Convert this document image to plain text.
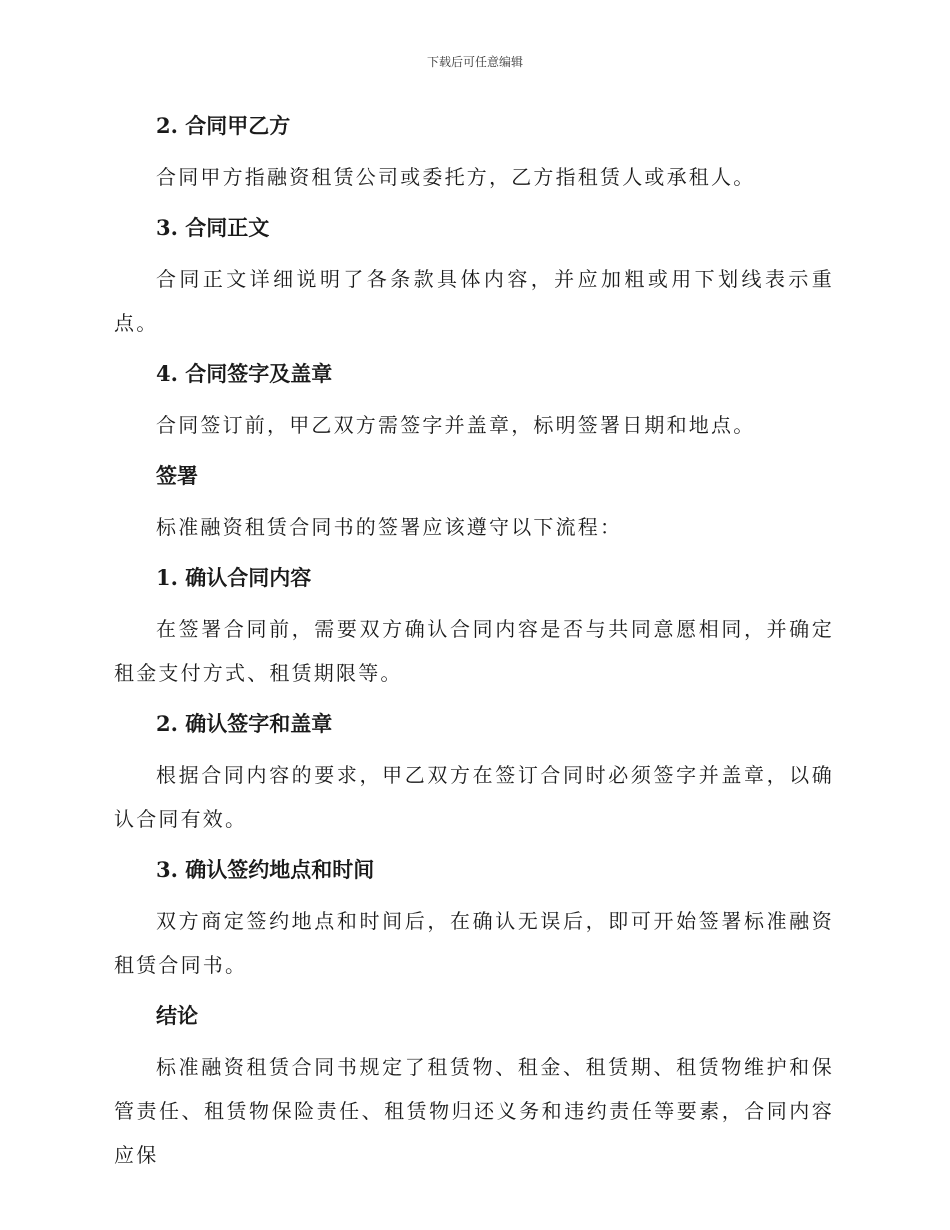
下载后可任意编辑
2. 合同甲乙方

合同甲方指融资租赁公司或委托方，乙方指租赁人或承租人。

3. 合同正文

合同正文详细说明了各条款具体内容，并应加粗或用下划线表示重点。

4. 合同签字及盖章

合同签订前，甲乙双方需签字并盖章，标明签署日期和地点。

签署

标准融资租赁合同书的签署应该遵守以下流程：

1. 确认合同内容

在签署合同前，需要双方确认合同内容是否与共同意愿相同，并确定租金支付方式、租赁期限等。

2. 确认签字和盖章

根据合同内容的要求，甲乙双方在签订合同时必须签字并盖章，以确认合同有效。

3. 确认签约地点和时间

双方商定签约地点和时间后，在确认无误后，即可开始签署标准融资租赁合同书。

结论

标准融资租赁合同书规定了租赁物、租金、租赁期、租赁物维护和保管责任、租赁物保险责任、租赁物归还义务和违约责任等要素，合同内容应保
